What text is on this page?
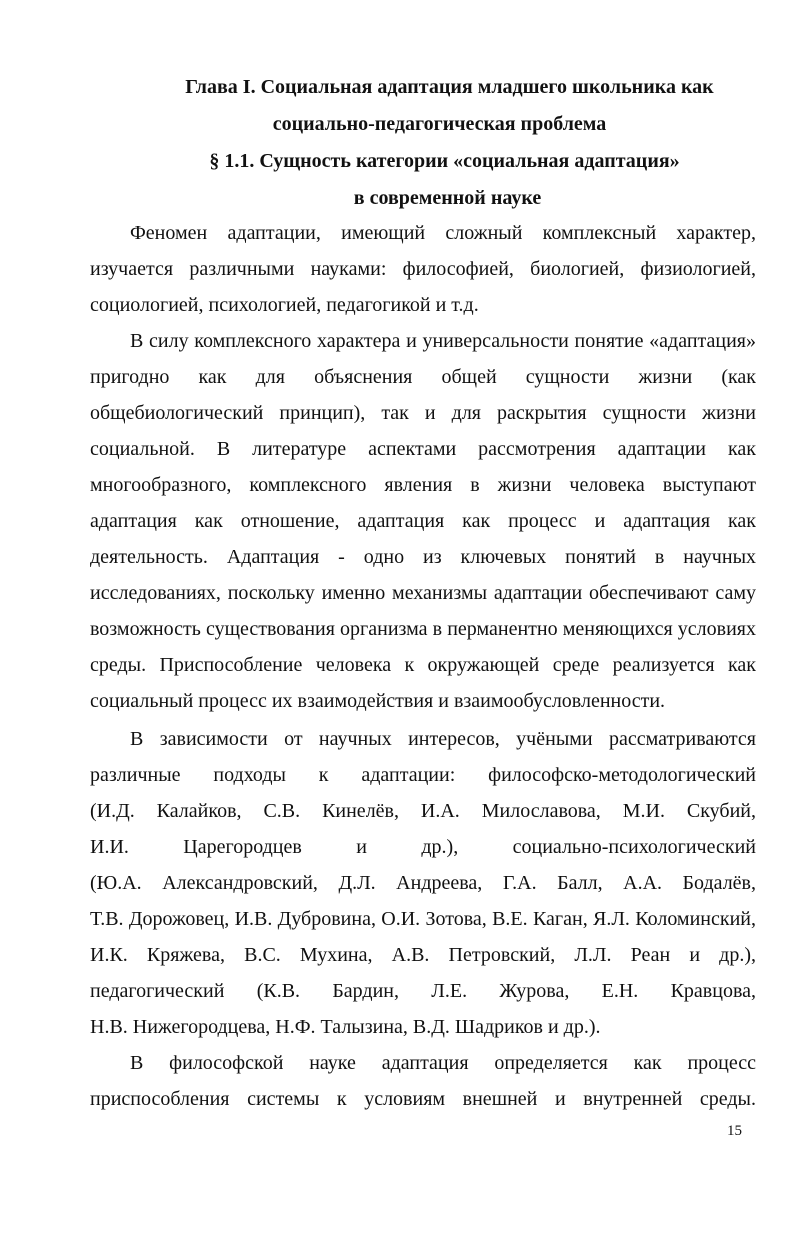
Глава I. Социальная адаптация младшего школьника как
социально-педагогическая проблема
§ 1.1. Сущность категории «социальная адаптация»
в современной науке
Феномен адаптации, имеющий сложный комплексный характер,
изучается различными науками: философией, биологией, физиологией,
социологией, психологией, педагогикой и т.д.
В силу комплексного характера и универсальности понятие «адаптация»
пригодно как для объяснения общей сущности жизни (как
общебиологический принцип), так и для раскрытия сущности жизни
социальной. В литературе аспектами рассмотрения адаптации как
многообразного, комплексного явления в жизни человека выступают
адаптация как отношение, адаптация как процесс и адаптация как
деятельность. Адаптация - одно из ключевых понятий в научных
исследованиях, поскольку именно механизмы адаптации обеспечивают саму
возможность существования организма в перманентно меняющихся условиях
среды. Приспособление человека к окружающей среде реализуется как
социальный процесс их взаимодействия и взаимообусловленности.
В зависимости от научных интересов, учёными рассматриваются
различные подходы к адаптации: философско-методологический
(И.Д. Калайков, С.В. Кинелёв, И.А. Милославова, М.И. Скубий,
И.И. Царегородцев и др.), социально-психологический
(Ю.А. Александровский, Д.Л. Андреева, Г.А. Балл, А.А. Бодалёв,
Т.В. Дорожовец, И.В. Дубровина, О.И. Зотова, В.Е. Каган, Я.Л. Коломинский,
И.К. Кряжева, В.С. Мухина, А.В. Петровский, Л.Л. Реан и др.),
педагогический (К.В. Бардин, Л.Е. Журова, Е.Н. Кравцова,
Н.В. Нижегородцева, Н.Ф. Талызина, В.Д. Шадриков и др.).
В философской науке адаптация определяется как процесс
приспособления системы к условиям внешней и внутренней среды.
15
